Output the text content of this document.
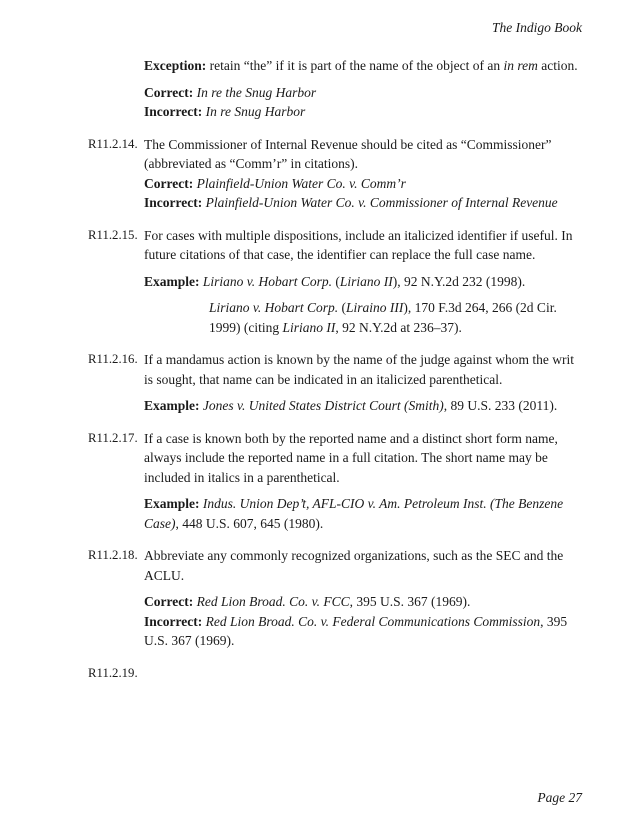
The Indigo Book

Exception: retain “the” if it is part of the name of the object of an in rem action.

Correct: In re the Snug Harbor

Incorrect: In re Snug Harbor

R11.2.14. The Commissioner of Internal Revenue should be cited as “Commissioner” (abbreviated as “Comm’r” in citations).

Correct: Plainfield-Union Water Co. v. Comm’r

Incorrect: Plainfield-Union Water Co. v. Commissioner of Internal Revenue

R11.2.15. For cases with multiple dispositions, include an italicized identifier if useful. In future citations of that case, the identifier can replace the full case name.

Example: Liriano v. Hobart Corp. (Liriano II), 92 N.Y.2d 232 (1998).

Liriano v. Hobart Corp. (Liraino III), 170 F.3d 264, 266 (2d Cir. 1999) (citing Liriano II, 92 N.Y.2d at 236–37).

R11.2.16. If a mandamus action is known by the name of the judge against whom the writ is sought, that name can be indicated in an italicized parenthetical.

Example: Jones v. United States District Court (Smith), 89 U.S. 233 (2011).

R11.2.17. If a case is known both by the reported name and a distinct short form name, always include the reported name in a full citation. The short name may be included in italics in a parenthetical.

Example: Indus. Union Dep’t, AFL-CIO v. Am. Petroleum Inst. (The Benzene Case), 448 U.S. 607, 645 (1980).

R11.2.18. Abbreviate any commonly recognized organizations, such as the SEC and the ACLU.

Correct: Red Lion Broad. Co. v. FCC, 395 U.S. 367 (1969).

Incorrect: Red Lion Broad. Co. v. Federal Communications Commission, 395 U.S. 367 (1969).

R11.2.19.
Page 27
